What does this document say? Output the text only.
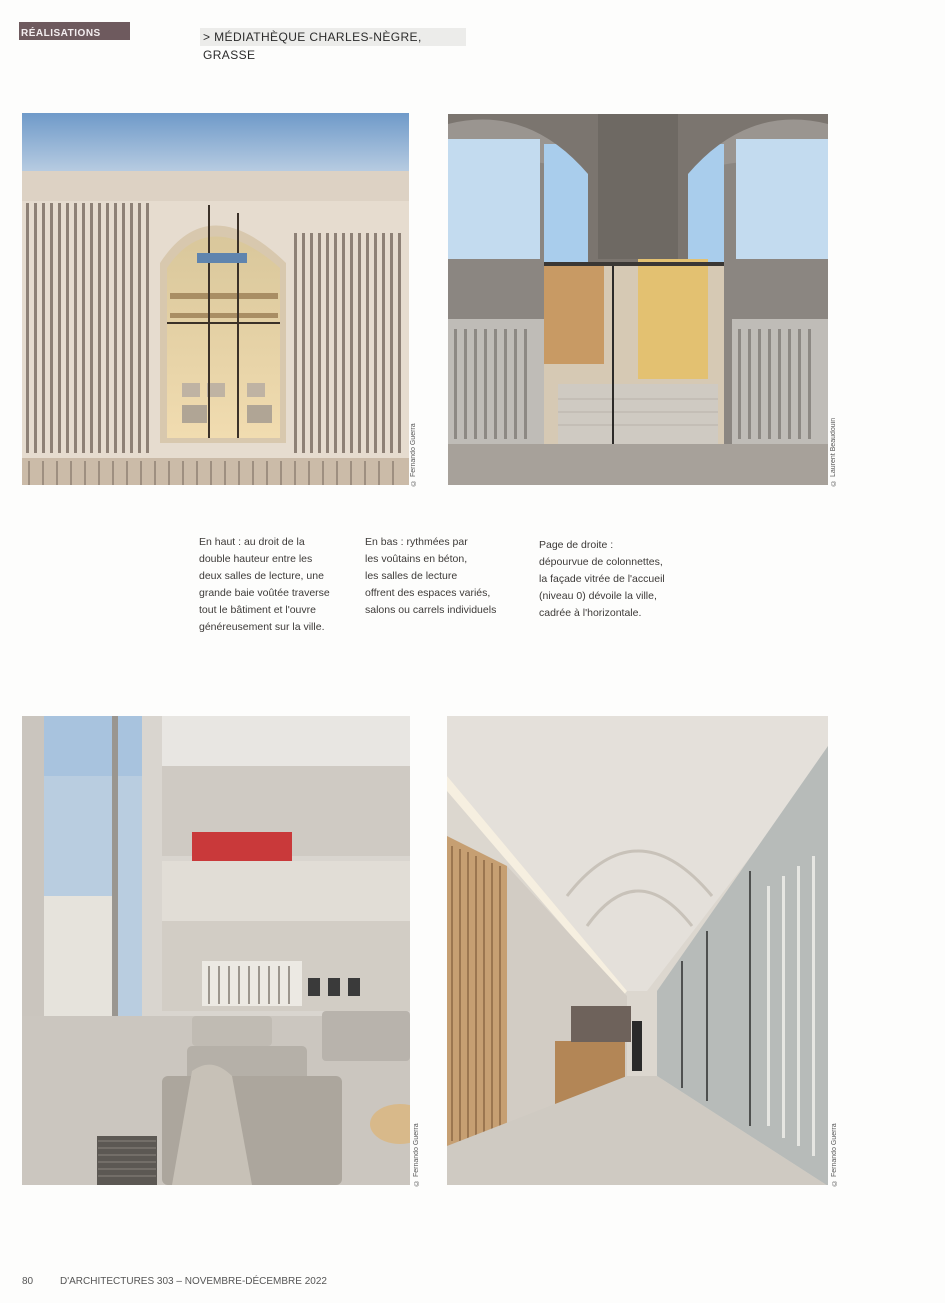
RÉALISATIONS	> MÉDIATHÈQUE CHARLES-NÈGRE, GRASSE
© Fernando Guerra	© Laurent Beaudouin
En haut : au droit de la
double hauteur entre les
deux salles de lecture, une
grande baie voûtée traverse
tout le bâtiment et l'ouvre
généreusement sur la ville.
En bas : rythmées par
les voûtains en béton,
les salles de lecture
offrent des espaces variés,
salons ou carrels individuels
Page de droite :
dépourvue de colonnettes,
la façade vitrée de l'accueil
(niveau 0) dévoile la ville,
cadrée à l'horizontale.
© Fernando Guerra	© Fernando Guerra
80	D'ARCHITECTURES 303 – NOVEMBRE-DÉCEMBRE 2022
